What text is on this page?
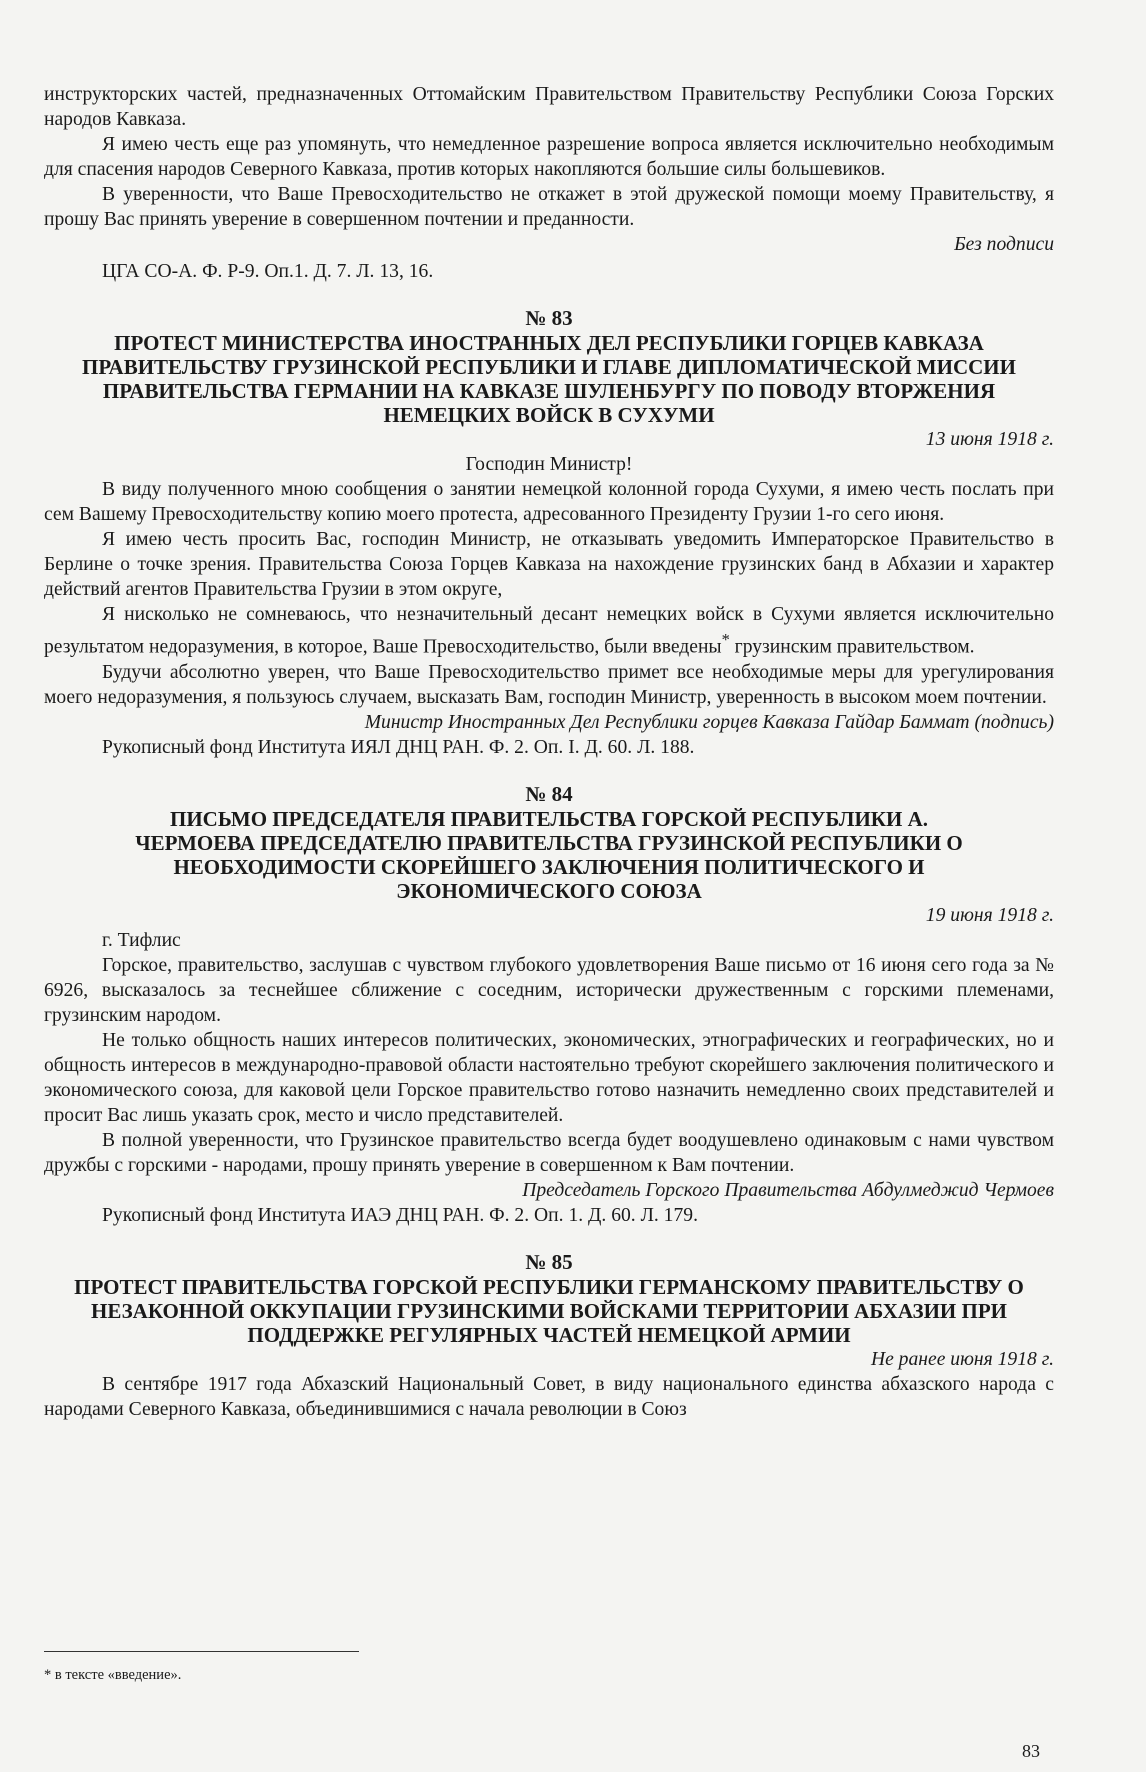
инструкторских частей, предназначенных Оттомайским Правительством Правительству Республики Союза Горских народов Кавказа.

Я имею честь еще раз упомянуть, что немедленное разрешение вопроса является исключительно необходимым для спасения народов Северного Кавказа, против которых накопляются большие силы большевиков.

В уверенности, что Ваше Превосходительство не откажет в этой дружеской помощи моему Правительству, я прошу Вас принять уверение в совершенном почтении и преданности.

Без подписи

ЦГА СО-А. Ф. Р-9. Оп.1. Д. 7. Л. 13, 16.

№ 83
ПРОТЕСТ МИНИСТЕРСТВА ИНОСТРАННЫХ ДЕЛ РЕСПУБЛИКИ ГОРЦЕВ КАВКАЗА ПРАВИТЕЛЬСТВУ ГРУЗИНСКОЙ РЕСПУБЛИКИ И ГЛАВЕ ДИПЛОМАТИЧЕСКОЙ МИССИИ ПРАВИТЕЛЬСТВА ГЕРМАНИИ НА КАВКАЗЕ ШУЛЕНБУРГУ ПО ПОВОДУ ВТОРЖЕНИЯ НЕМЕЦКИХ ВОЙСК В СУХУМИ

13 июня 1918 г.

Господин Министр!

В виду полученного мною сообщения о занятии немецкой колонной города Сухуми, я имею честь послать при сем Вашему Превосходительству копию моего протеста, адресованного Президенту Грузии 1-го сего июня.

Я имею честь просить Вас, господин Министр, не отказывать уведомить Императорское Правительство в Берлине о точке зрения. Правительства Союза Горцев Кавказа на нахождение грузинских банд в Абхазии и характер действий агентов Правительства Грузии в этом округе,

Я нисколько не сомневаюсь, что незначительный десант немецких войск в Сухуми является исключительно результатом недоразумения, в которое, Ваше Превосходительство, были введены* грузинским правительством.

Будучи абсолютно уверен, что Ваше Превосходительство примет все необходимые меры для урегулирования моего недоразумения, я пользуюсь случаем, высказать Вам, господин Министр, уверенность в высоком моем почтении.

Министр Иностранных Дел Республики горцев Кавказа Гайдар Баммат (подпись)

Рукописный фонд Института ИЯЛ ДНЦ РАН. Ф. 2. Оп. I. Д. 60. Л. 188.

№ 84
ПИСЬМО ПРЕДСЕДАТЕЛЯ ПРАВИТЕЛЬСТВА ГОРСКОЙ РЕСПУБЛИКИ А. ЧЕРМОЕВА ПРЕДСЕДАТЕЛЮ ПРАВИТЕЛЬСТВА ГРУЗИНСКОЙ РЕСПУБЛИКИ О НЕОБХОДИМОСТИ СКОРЕЙШЕГО ЗАКЛЮЧЕНИЯ ПОЛИТИЧЕСКОГО И ЭКОНОМИЧЕСКОГО СОЮЗА

19 июня 1918 г.

г. Тифлис

Горское, правительство, заслушав с чувством глубокого удовлетворения Ваше письмо от 16 июня сего года за № 6926, высказалось за теснейшее сближение с соседним, исторически дружественным с горскими племенами, грузинским народом.

Не только общность наших интересов политических, экономических, этнографических и географических, но и общность интересов в международно-правовой области настоятельно требуют скорейшего заключения политического и экономического союза, для каковой цели Горское правительство готово назначить немедленно своих представителей и просит Вас лишь указать срок, место и число представителей.

В полной уверенности, что Грузинское правительство всегда будет воодушевлено одинаковым с нами чувством дружбы с горскими - народами, прошу принять уверение в совершенном к Вам почтении.

Председатель Горского Правительства Абдулмеджид Чермоев

Рукописный фонд Института ИАЭ ДНЦ РАН. Ф. 2. Оп. 1. Д. 60. Л. 179.

№ 85
ПРОТЕСТ ПРАВИТЕЛЬСТВА ГОРСКОЙ РЕСПУБЛИКИ ГЕРМАНСКОМУ ПРАВИТЕЛЬСТВУ О НЕЗАКОННОЙ ОККУПАЦИИ ГРУЗИНСКИМИ ВОЙСКАМИ ТЕРРИТОРИИ АБХАЗИИ ПРИ ПОДДЕРЖКЕ РЕГУЛЯРНЫХ ЧАСТЕЙ НЕМЕЦКОЙ АРМИИ

Не ранее июня 1918 г.

В сентябре 1917 года Абхазский Национальный Совет, в виду национального единства абхазского народа с народами Северного Кавказа, объединившимися с начала революции в Союз

* в тексте «введение».
83
